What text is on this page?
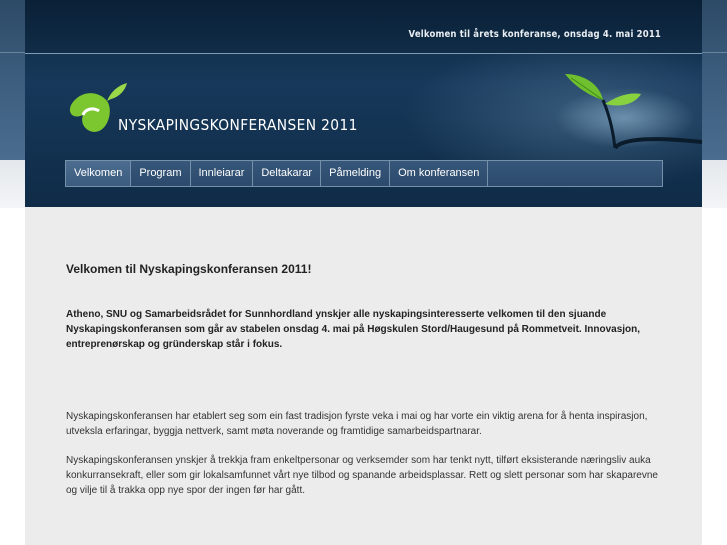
Velkomen til årets konferanse, onsdag 4. mai 2011
NYSKAPINGSKONFERANSEN 2011
Velkomen	Program	Innleiarar	Deltakarar	Påmelding	Om konferansen
Velkomen til Nyskapingskonferansen 2011!

Atheno, SNU og Samarbeidsrådet for Sunnhordland ynskjer alle nyskapingsinteresserte velkomen til den sjuande Nyskapingskonferansen som går av stabelen onsdag 4. mai på Høgskulen Stord/Haugesund på Rommetveit. Innovasjon, entreprenørskap og gründerskap står i fokus.

Nyskapingskonferansen har etablert seg som ein fast tradisjon fyrste veka i mai og har vorte ein viktig arena for å henta inspirasjon, utveksla erfaringar, byggja nettverk, samt møta noverande og framtidige samarbeidspartnarar.

Nyskapingskonferansen ynskjer å trekkja fram enkeltpersonar og verksemder som har tenkt nytt, tilført eksisterande næringsliv auka konkurransekraft, eller som gir lokalsamfunnet vårt nye tilbod og spanande arbeidsplassar. Rett og slett personar som har skaparevne og vilje til å trakka opp nye spor der ingen før har gått.
